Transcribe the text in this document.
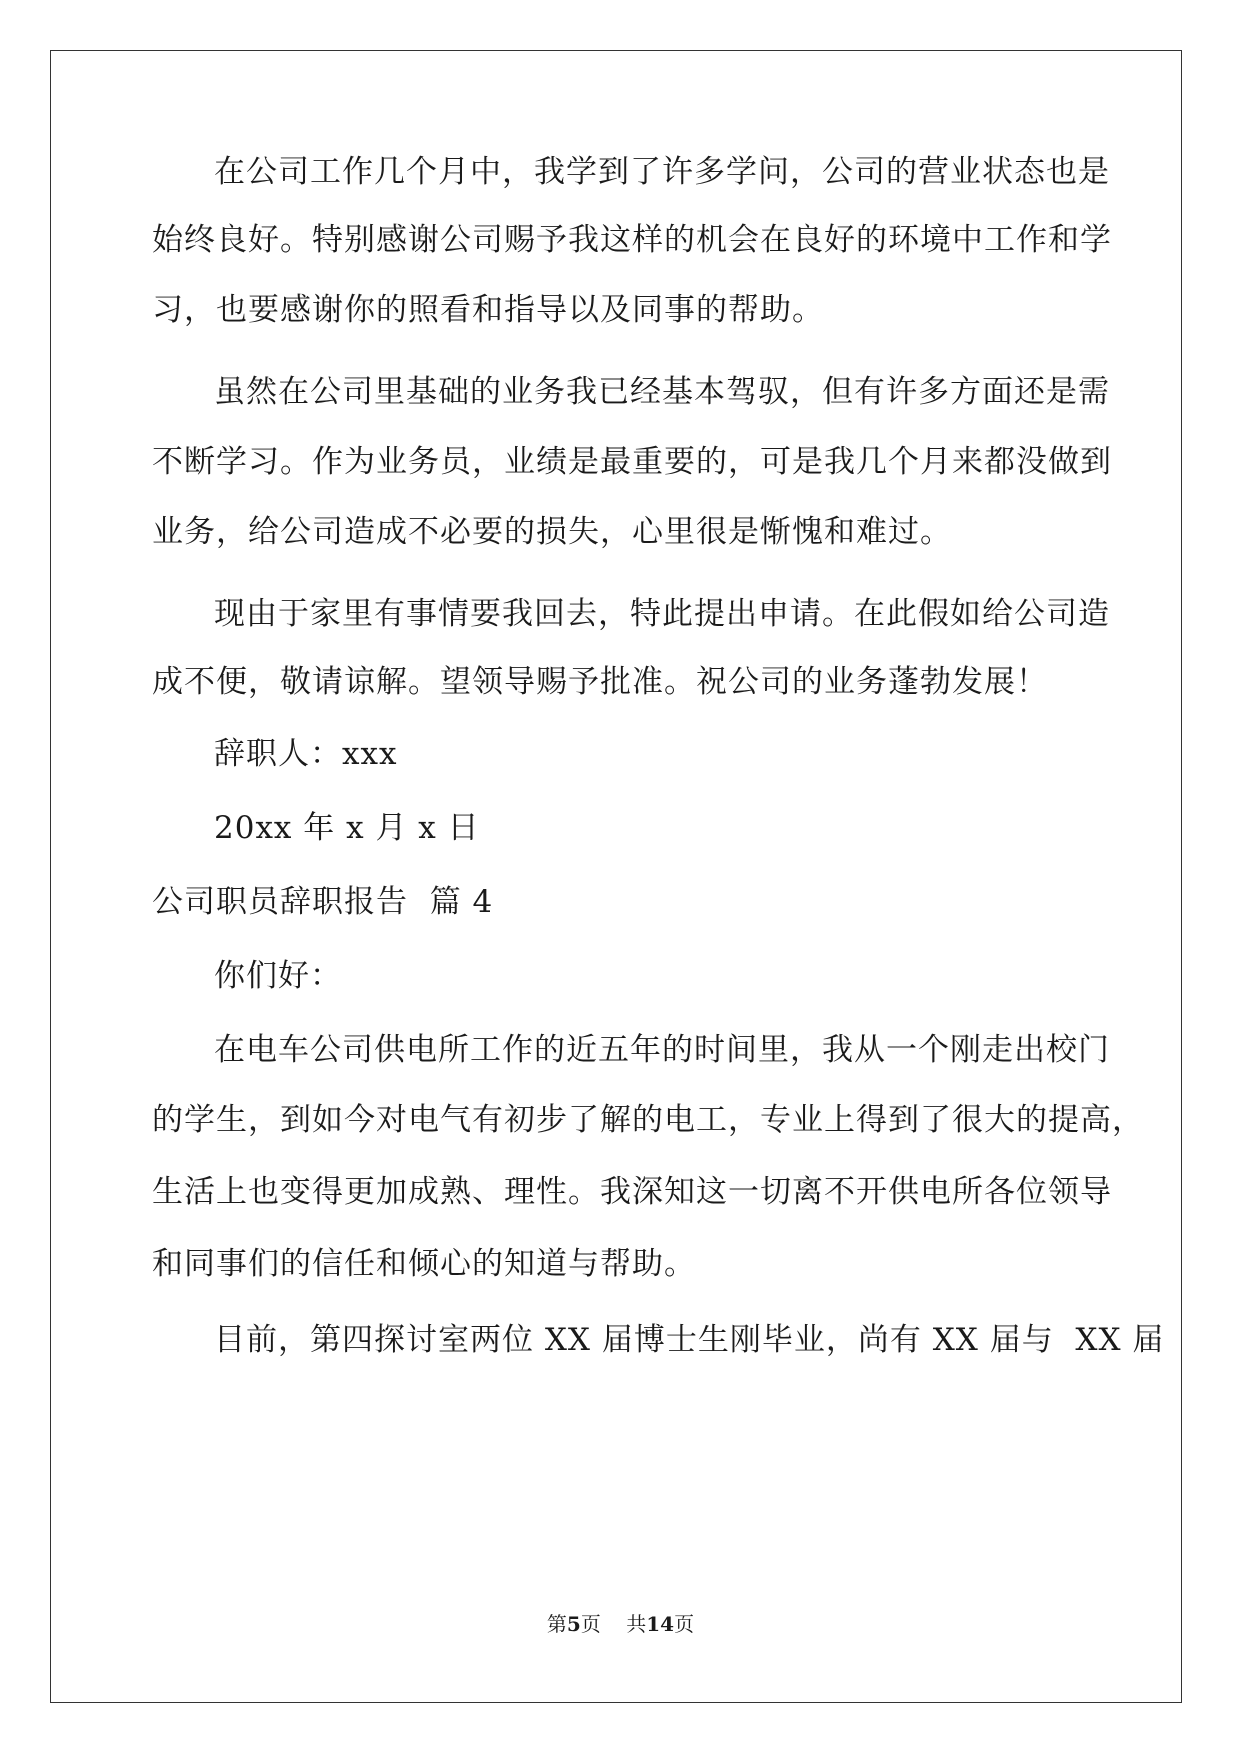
在公司工作几个月中，我学到了许多学问，公司的营业状态也是
始终良好。特别感谢公司赐予我这样的机会在良好的环境中工作和学
习，也要感谢你的照看和指导以及同事的帮助。
虽然在公司里基础的业务我已经基本驾驭，但有许多方面还是需
不断学习。作为业务员，业绩是最重要的，可是我几个月来都没做到
业务，给公司造成不必要的损失，心里很是惭愧和难过。
现由于家里有事情要我回去，特此提出申请。在此假如给公司造
成不便，敬请谅解。望领导赐予批准。祝公司的业务蓬勃发展！
辞职人：xxx
20xx 年 x 月 x 日
公司职员辞职报告  篇 4
你们好：
在电车公司供电所工作的近五年的时间里，我从一个刚走出校门
的学生，到如今对电气有初步了解的电工，专业上得到了很大的提高，
生活上也变得更加成熟、理性。我深知这一切离不开供电所各位领导
和同事们的信任和倾心的知道与帮助。
目前，第四探讨室两位 XX 届博士生刚毕业，尚有 XX 届与  XX 届
第5页    共14页
